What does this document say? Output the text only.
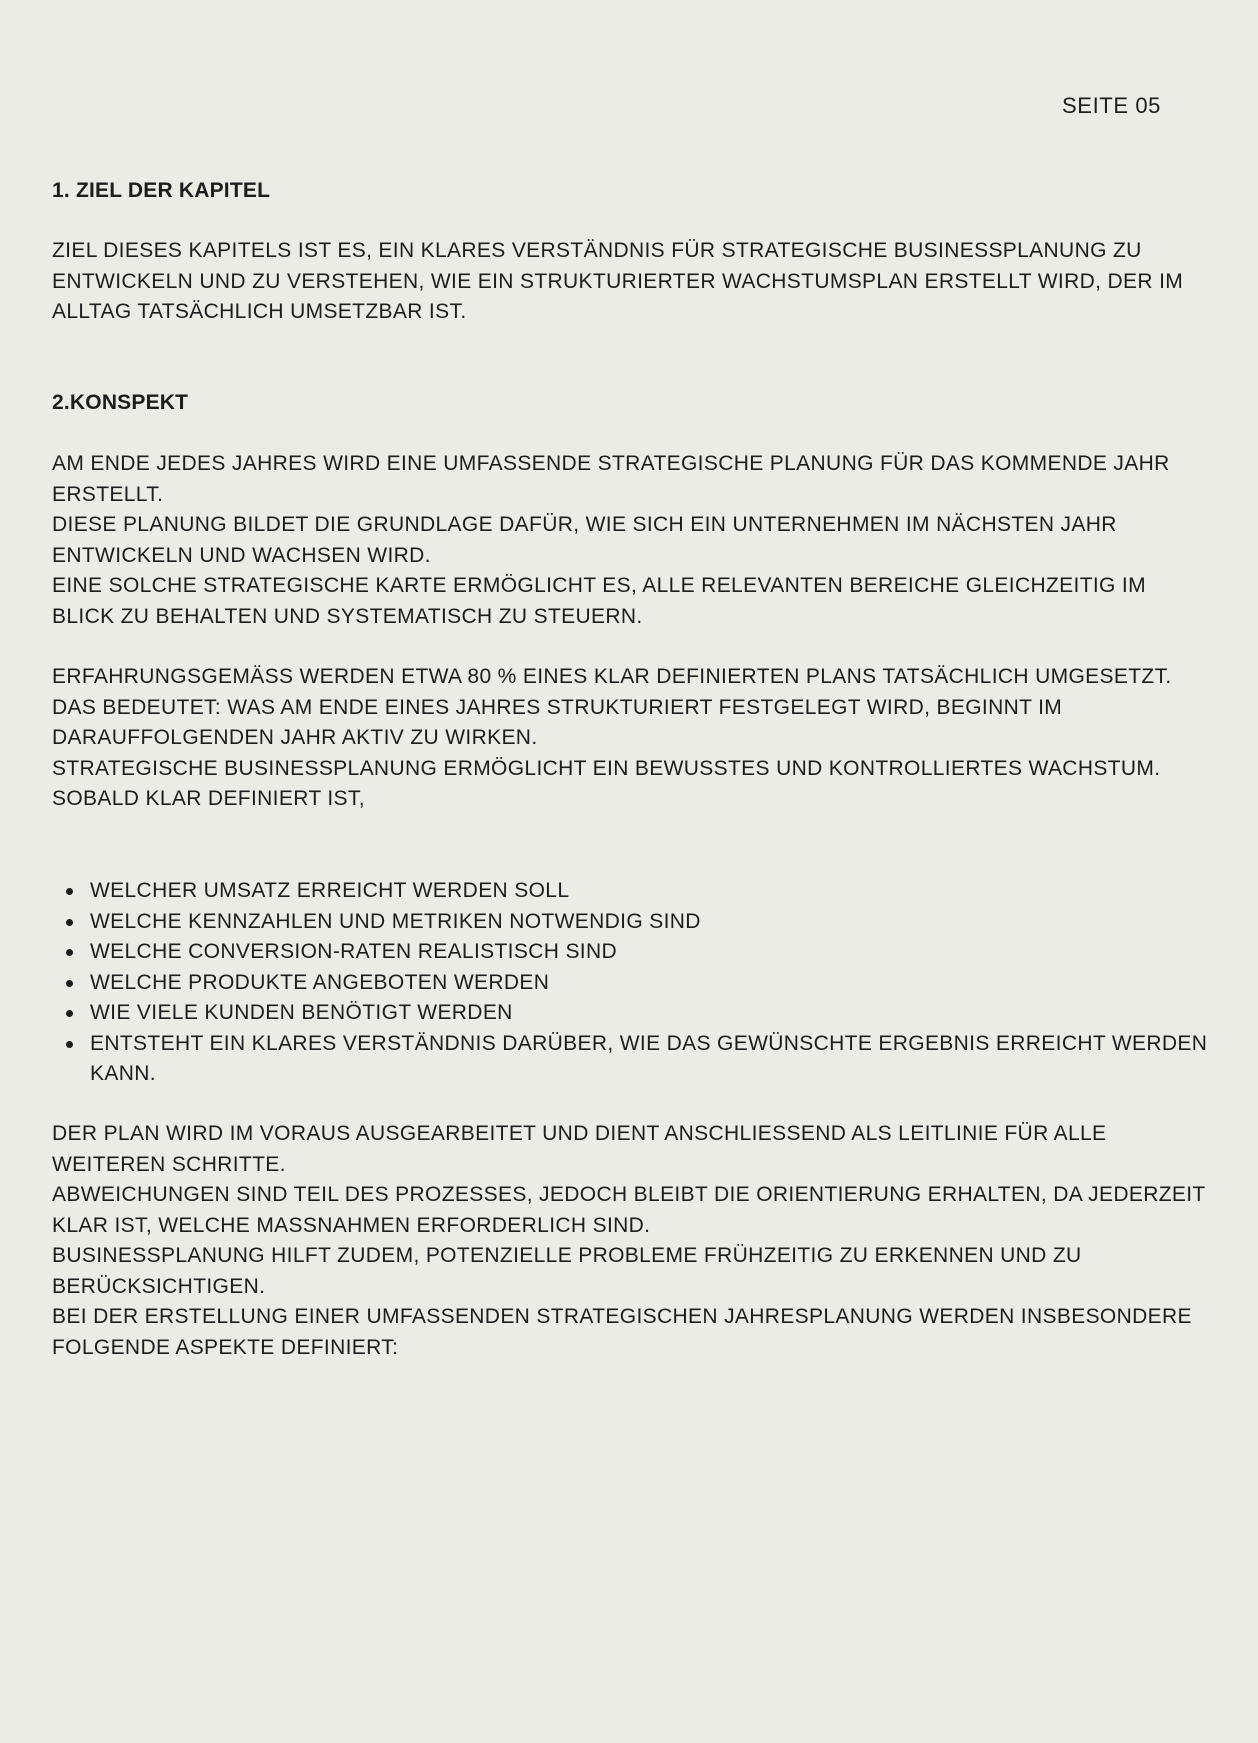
SEITE 05

1. ZIEL DER KAPITEL

ZIEL DIESES KAPITELS IST ES, EIN KLARES VERSTÄNDNIS FÜR STRATEGISCHE BUSINESSPLANUNG ZU ENTWICKELN UND ZU VERSTEHEN, WIE EIN STRUKTURIERTER WACHSTUMSPLAN ERSTELLT WIRD, DER IM ALLTAG TATSÄCHLICH UMSETZBAR IST.

2.KONSPEKT

AM ENDE JEDES JAHRES WIRD EINE UMFASSENDE STRATEGISCHE PLANUNG FÜR DAS KOMMENDE JAHR ERSTELLT.

DIESE PLANUNG BILDET DIE GRUNDLAGE DAFÜR, WIE SICH EIN UNTERNEHMEN IM NÄCHSTEN JAHR ENTWICKELN UND WACHSEN WIRD.

EINE SOLCHE STRATEGISCHE KARTE ERMÖGLICHT ES, ALLE RELEVANTEN BEREICHE GLEICHZEITIG IM BLICK ZU BEHALTEN UND SYSTEMATISCH ZU STEUERN.

ERFAHRUNGSGEMÄSS WERDEN ETWA 80 % EINES KLAR DEFINIERTEN PLANS TATSÄCHLICH UMGESETZT. DAS BEDEUTET: WAS AM ENDE EINES JAHRES STRUKTURIERT FESTGELEGT WIRD, BEGINNT IM DARAUFFOLGENDEN JAHR AKTIV ZU WIRKEN.

STRATEGISCHE BUSINESSPLANUNG ERMÖGLICHT EIN BEWUSSTES UND KONTROLLIERTES WACHSTUM.

SOBALD KLAR DEFINIERT IST,

WELCHER UMSATZ ERREICHT WERDEN SOLL
WELCHE KENNZAHLEN UND METRIKEN NOTWENDIG SIND
WELCHE CONVERSION-RATEN REALISTISCH SIND
WELCHE PRODUKTE ANGEBOTEN WERDEN
WIE VIELE KUNDEN BENÖTIGT WERDEN
ENTSTEHT EIN KLARES VERSTÄNDNIS DARÜBER, WIE DAS GEWÜNSCHTE ERGEBNIS ERREICHT WERDEN KANN.

DER PLAN WIRD IM VORAUS AUSGEARBEITET UND DIENT ANSCHLIESSEND ALS LEITLINIE FÜR ALLE WEITEREN SCHRITTE.

ABWEICHUNGEN SIND TEIL DES PROZESSES, JEDOCH BLEIBT DIE ORIENTIERUNG ERHALTEN, DA JEDERZEIT KLAR IST, WELCHE MASSNAHMEN ERFORDERLICH SIND.

BUSINESSPLANUNG HILFT ZUDEM, POTENZIELLE PROBLEME FRÜHZEITIG ZU ERKENNEN UND ZU BERÜCKSICHTIGEN.

BEI DER ERSTELLUNG EINER UMFASSENDEN STRATEGISCHEN JAHRESPLANUNG WERDEN INSBESONDERE FOLGENDE ASPEKTE DEFINIERT:
